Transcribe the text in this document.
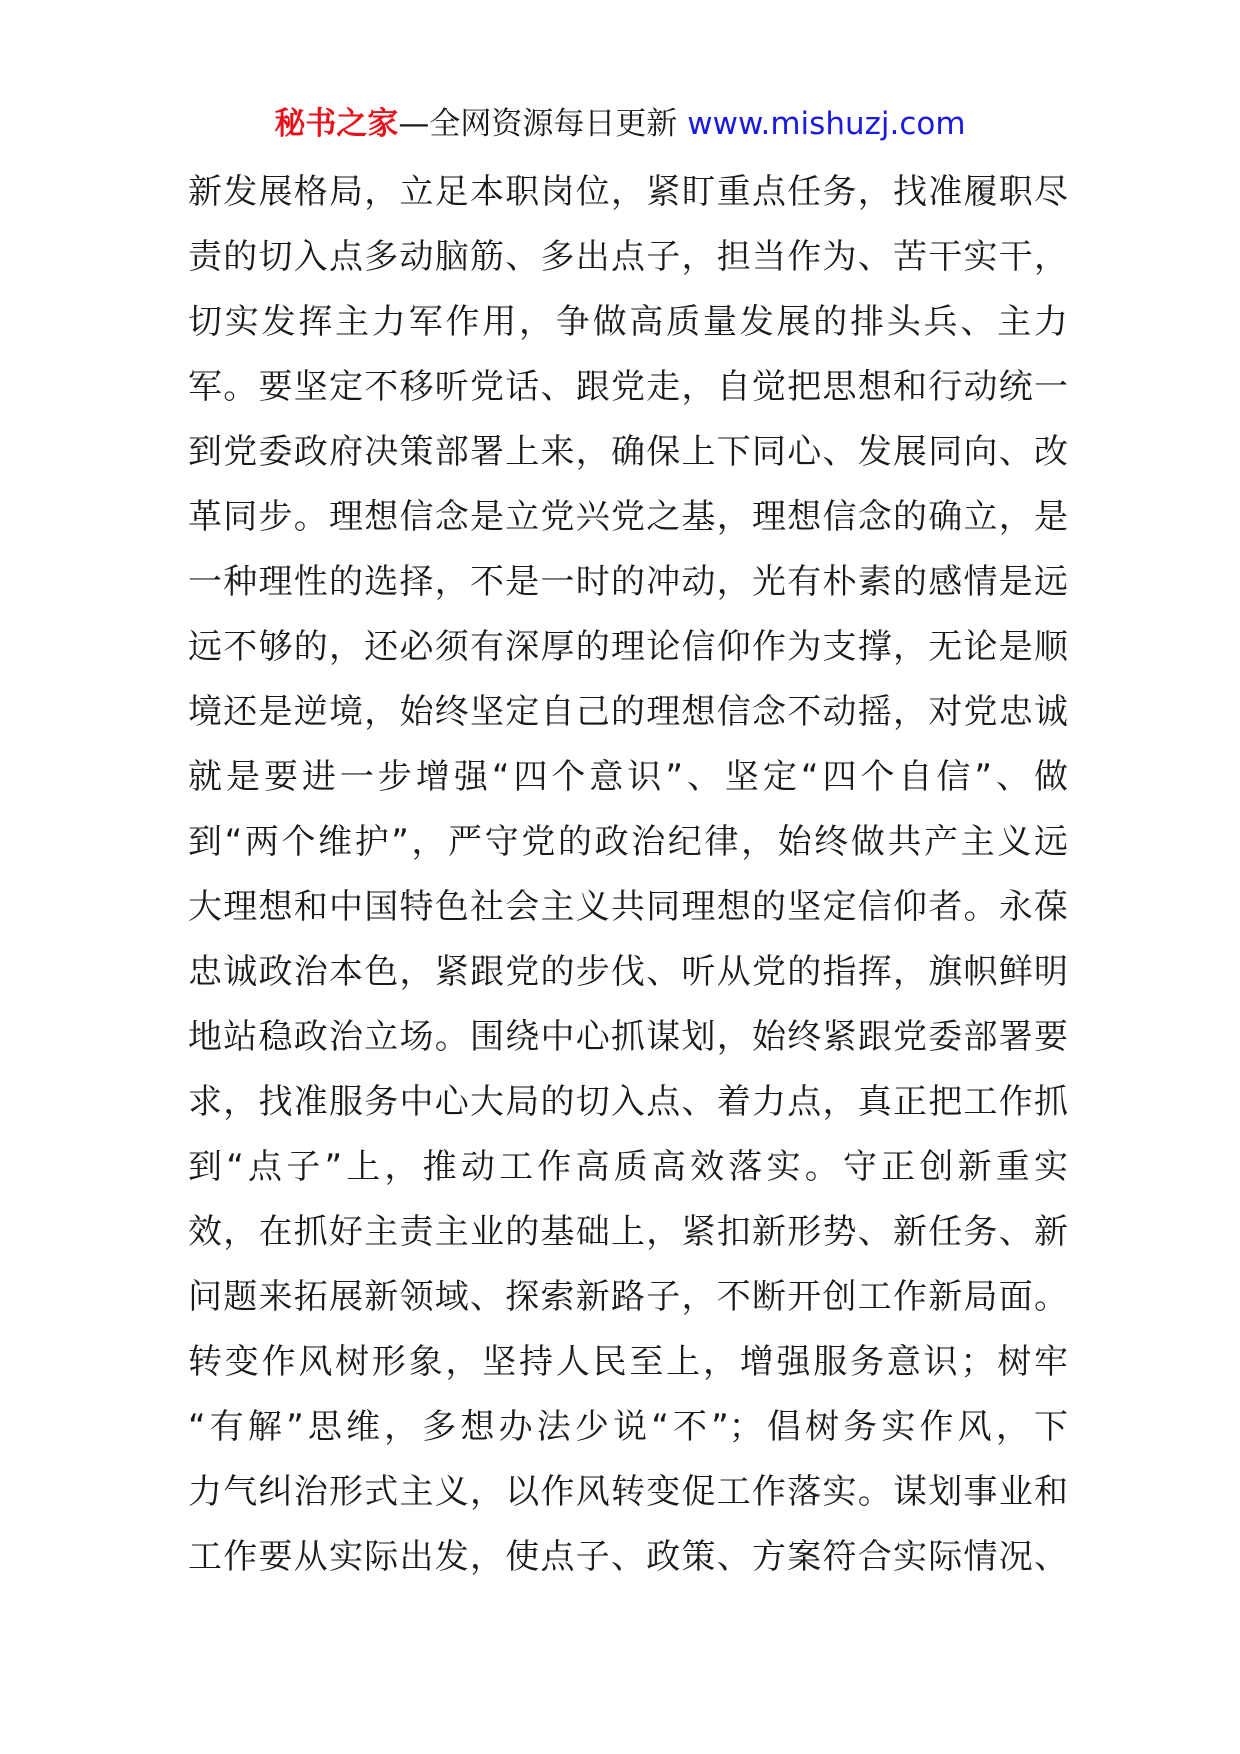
秘书之家—全网资源每日更新 www.mishuzj.com
新发展格局，立足本职岗位，紧盯重点任务，找准履职尽
责的切入点多动脑筋、多出点子，担当作为、苦干实干，
切实发挥主力军作用，争做高质量发展的排头兵、主力
军。要坚定不移听党话、跟党走，自觉把思想和行动统一
到党委政府决策部署上来，确保上下同心、发展同向、改
革同步。理想信念是立党兴党之基，理想信念的确立，是
一种理性的选择，不是一时的冲动，光有朴素的感情是远
远不够的，还必须有深厚的理论信仰作为支撑，无论是顺
境还是逆境，始终坚定自己的理想信念不动摇，对党忠诚
就是要进一步增强“四个意识”、坚定“四个自信”、做
到“两个维护”，严守党的政治纪律，始终做共产主义远
大理想和中国特色社会主义共同理想的坚定信仰者。永葆
忠诚政治本色，紧跟党的步伐、听从党的指挥，旗帜鲜明
地站稳政治立场。围绕中心抓谋划，始终紧跟党委部署要
求，找准服务中心大局的切入点、着力点，真正把工作抓
到“点子”上，推动工作高质高效落实。守正创新重实
效，在抓好主责主业的基础上，紧扣新形势、新任务、新
问题来拓展新领域、探索新路子，不断开创工作新局面。
转变作风树形象，坚持人民至上，增强服务意识；树牢
“有解”思维，多想办法少说“不”；倡树务实作风，下
力气纠治形式主义，以作风转变促工作落实。谋划事业和
工作要从实际出发，使点子、政策、方案符合实际情况、
